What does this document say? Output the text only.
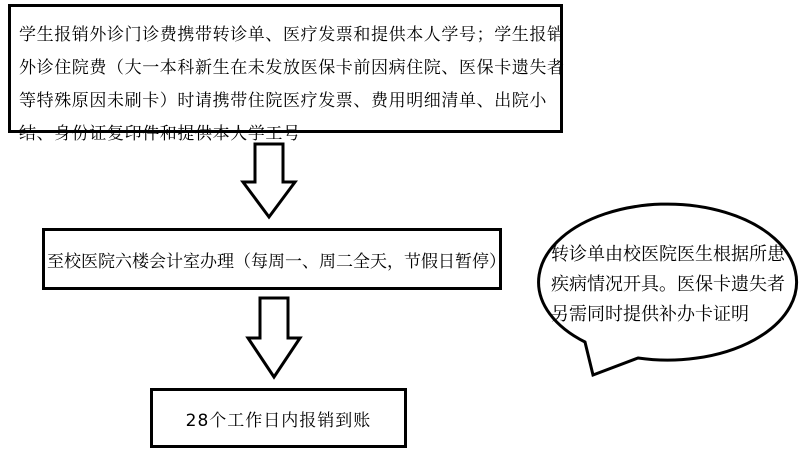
学生报销外诊门诊费携带转诊单、医疗发票和提供本人学号；学生报销
外诊住院费（大一本科新生在未发放医保卡前因病住院、医保卡遗失者
等特殊原因未刷卡）时请携带住院医疗发票、费用明细清单、出院小
结、身份证复印件和提供本人学工号
至校医院六楼会计室办理（每周一、周二全天，节假日暂停）
28个工作日内报销到账
转诊单由校医院医生根据所患
疾病情况开具。医保卡遗失者
另需同时提供补办卡证明
